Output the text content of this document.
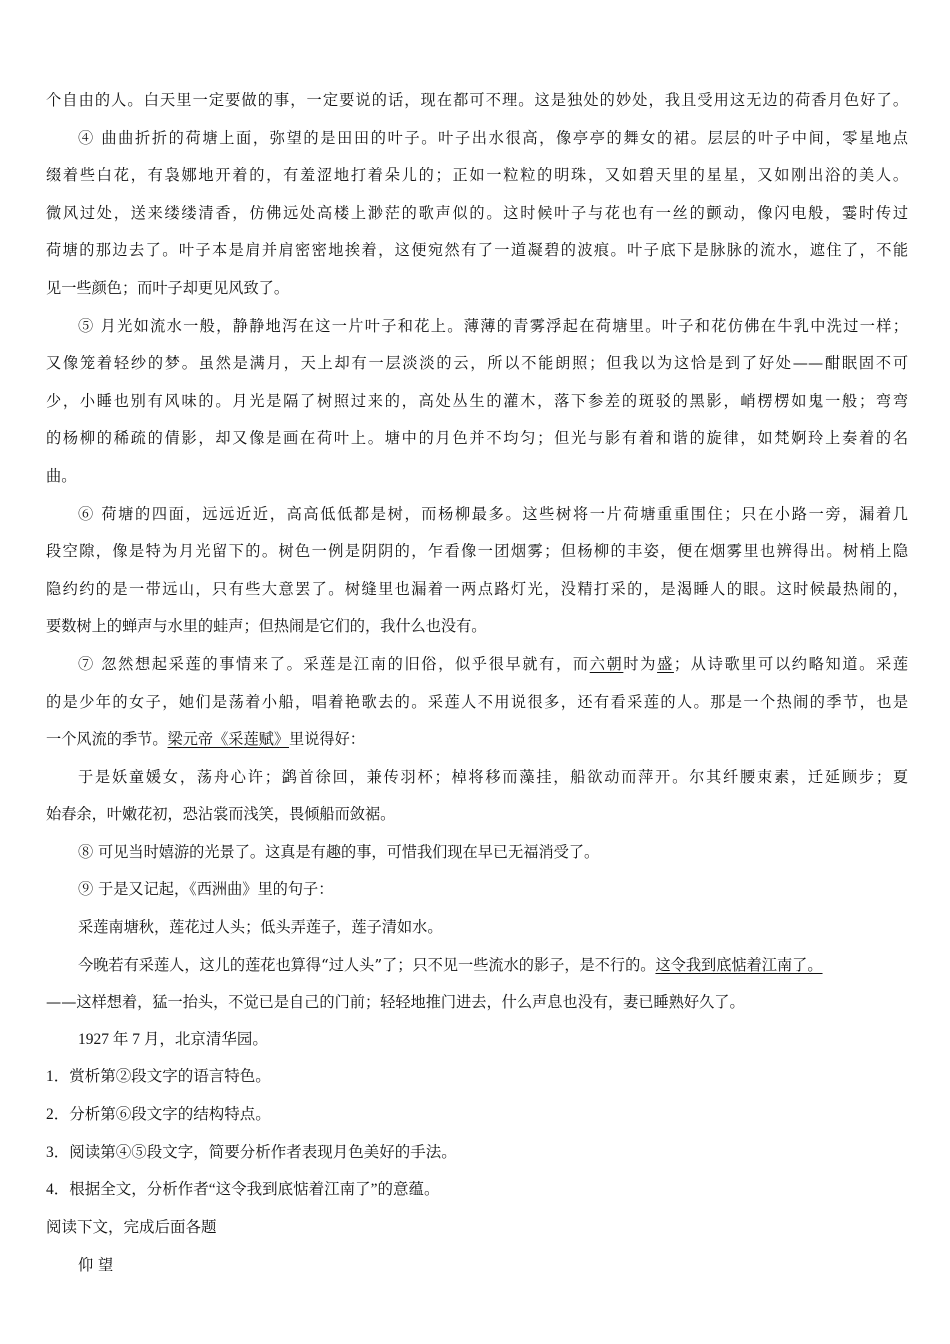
个自由的人。白天里一定要做的事，一定要说的话，现在都可不理。这是独处的妙处，我且受用这无边的荷香月色好了。
④ 曲曲折折的荷塘上面，弥望的是田田的叶子。叶子出水很高，像亭亭的舞女的裙。层层的叶子中间，零星地点
缀着些白花，有袅娜地开着的，有羞涩地打着朵儿的；正如一粒粒的明珠，又如碧天里的星星，又如刚出浴的美人。
微风过处，送来缕缕清香，仿佛远处高楼上渺茫的歌声似的。这时候叶子与花也有一丝的颤动，像闪电般，霎时传过
荷塘的那边去了。叶子本是肩并肩密密地挨着，这便宛然有了一道凝碧的波痕。叶子底下是脉脉的流水，遮住了，不能
见一些颜色；而叶子却更见风致了。
⑤ 月光如流水一般，静静地泻在这一片叶子和花上。薄薄的青雾浮起在荷塘里。叶子和花仿佛在牛乳中洗过一样；
又像笼着轻纱的梦。虽然是满月，天上却有一层淡淡的云，所以不能朗照；但我以为这恰是到了好处——酣眠固不可
少，小睡也别有风味的。月光是隔了树照过来的，高处丛生的灌木，落下参差的斑驳的黑影，峭楞楞如鬼一般；弯弯
的杨柳的稀疏的倩影，却又像是画在荷叶上。塘中的月色并不均匀；但光与影有着和谐的旋律，如梵婀玲上奏着的名
曲。
⑥ 荷塘的四面，远远近近，高高低低都是树，而杨柳最多。这些树将一片荷塘重重围住；只在小路一旁，漏着几
段空隙，像是特为月光留下的。树色一例是阴阴的，乍看像一团烟雾；但杨柳的丰姿，便在烟雾里也辨得出。树梢上隐
隐约约的是一带远山，只有些大意罢了。树缝里也漏着一两点路灯光，没精打采的，是渴睡人的眼。这时候最热闹的，
要数树上的蝉声与水里的蛙声；但热闹是它们的，我什么也没有。
⑦ 忽然想起采莲的事情来了。采莲是江南的旧俗，似乎很早就有，而六朝时为盛；从诗歌里可以约略知道。采莲
的是少年的女子，她们是荡着小船，唱着艳歌去的。采莲人不用说很多，还有看采莲的人。那是一个热闹的季节，也是
一个风流的季节。梁元帝《采莲赋》里说得好：
于是妖童媛女，荡舟心许；鹢首徐回，兼传羽杯；棹将移而藻挂，船欲动而萍开。尔其纤腰束素，迁延顾步；夏
始春余，叶嫩花初，恐沾裳而浅笑，畏倾船而敛裾。
⑧ 可见当时嬉游的光景了。这真是有趣的事，可惜我们现在早已无福消受了。
⑨ 于是又记起，《西洲曲》里的句子：
采莲南塘秋，莲花过人头；低头弄莲子，莲子清如水。
今晚若有采莲人，这儿的莲花也算得“过人头”了；只不见一些流水的影子，是不行的。这令我到底惦着江南了。
——这样想着，猛一抬头，不觉已是自己的门前；轻轻地推门进去，什么声息也没有，妻已睡熟好久了。
1927 年 7 月，北京清华园。
1．赏析第②段文字的语言特色。
2．分析第⑥段文字的结构特点。
3．阅读第④⑤段文字，简要分析作者表现月色美好的手法。
4．根据全文，分析作者“这令我到底惦着江南了”的意蕴。
阅读下文，完成后面各题
仰 望
